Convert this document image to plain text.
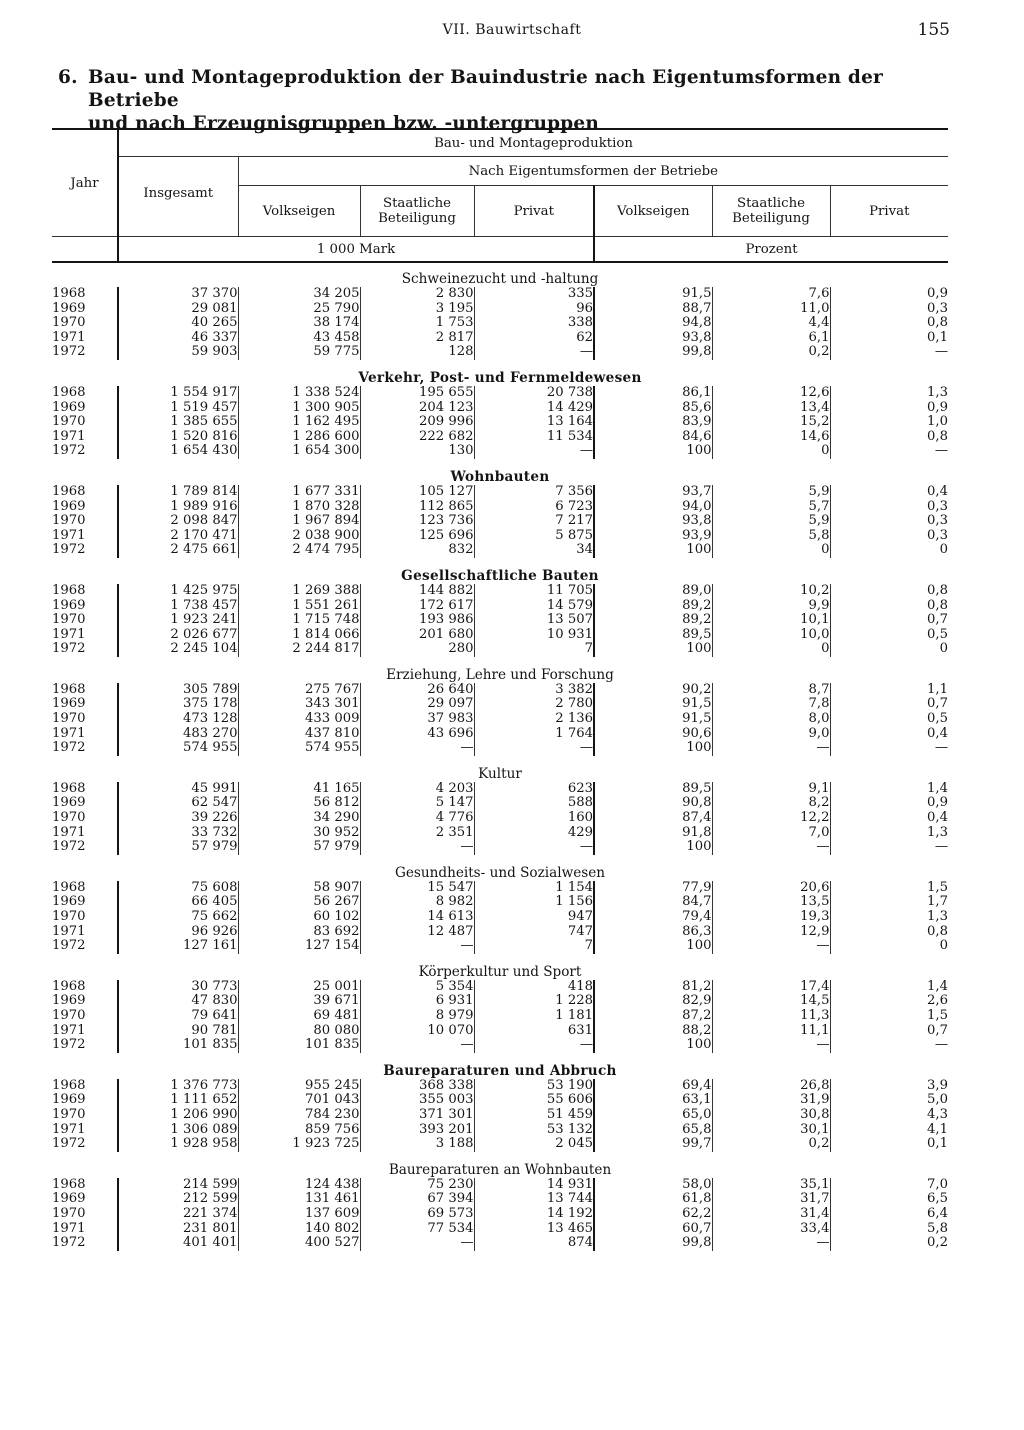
VII. Bauwirtschaft	155
6. Bau- und Montageproduktion der Bauindustrie nach Eigentumsformen der Betriebe
und nach Erzeugnisgruppen bzw. -untergruppen
Jahr	Bau- und Montageproduktion						
	Insgesamt	Nach Eigentumsformen der Betriebe					
		Volkseigen	Staatliche Beteiligung	Privat	Volkseigen	Staatliche Beteiligung	Privat
	1 000 Mark				Prozent		
Schweinezucht und -haltung							
1968	37 370	34 205	2 830	335	91,5	7,6	0,9
1969	29 081	25 790	3 195	96	88,7	11,0	0,3
1970	40 265	38 174	1 753	338	94,8	4,4	0,8
1971	46 337	43 458	2 817	62	93,8	6,1	0,1
1972	59 903	59 775	128	—	99,8	0,2	—
Verkehr, Post- und Fernmeldewesen							
1968	1 554 917	1 338 524	195 655	20 738	86,1	12,6	1,3
1969	1 519 457	1 300 905	204 123	14 429	85,6	13,4	0,9
1970	1 385 655	1 162 495	209 996	13 164	83,9	15,2	1,0
1971	1 520 816	1 286 600	222 682	11 534	84,6	14,6	0,8
1972	1 654 430	1 654 300	130	—	100	0	—
Wohnbauten							
1968	1 789 814	1 677 331	105 127	7 356	93,7	5,9	0,4
1969	1 989 916	1 870 328	112 865	6 723	94,0	5,7	0,3
1970	2 098 847	1 967 894	123 736	7 217	93,8	5,9	0,3
1971	2 170 471	2 038 900	125 696	5 875	93,9	5,8	0,3
1972	2 475 661	2 474 795	832	34	100	0	0
Gesellschaftliche Bauten							
1968	1 425 975	1 269 388	144 882	11 705	89,0	10,2	0,8
1969	1 738 457	1 551 261	172 617	14 579	89,2	9,9	0,8
1970	1 923 241	1 715 748	193 986	13 507	89,2	10,1	0,7
1971	2 026 677	1 814 066	201 680	10 931	89,5	10,0	0,5
1972	2 245 104	2 244 817	280	7	100	0	0
Erziehung, Lehre und Forschung							
1968	305 789	275 767	26 640	3 382	90,2	8,7	1,1
1969	375 178	343 301	29 097	2 780	91,5	7,8	0,7
1970	473 128	433 009	37 983	2 136	91,5	8,0	0,5
1971	483 270	437 810	43 696	1 764	90,6	9,0	0,4
1972	574 955	574 955	—	—	100	—	—
Kultur							
1968	45 991	41 165	4 203	623	89,5	9,1	1,4
1969	62 547	56 812	5 147	588	90,8	8,2	0,9
1970	39 226	34 290	4 776	160	87,4	12,2	0,4
1971	33 732	30 952	2 351	429	91,8	7,0	1,3
1972	57 979	57 979	—	—	100	—	—
Gesundheits- und Sozialwesen							
1968	75 608	58 907	15 547	1 154	77,9	20,6	1,5
1969	66 405	56 267	8 982	1 156	84,7	13,5	1,7
1970	75 662	60 102	14 613	947	79,4	19,3	1,3
1971	96 926	83 692	12 487	747	86,3	12,9	0,8
1972	127 161	127 154	—	7	100	—	0
Körperkultur und Sport							
1968	30 773	25 001	5 354	418	81,2	17,4	1,4
1969	47 830	39 671	6 931	1 228	82,9	14,5	2,6
1970	79 641	69 481	8 979	1 181	87,2	11,3	1,5
1971	90 781	80 080	10 070	631	88,2	11,1	0,7
1972	101 835	101 835	—	—	100	—	—
Baureparaturen und Abbruch							
1968	1 376 773	955 245	368 338	53 190	69,4	26,8	3,9
1969	1 111 652	701 043	355 003	55 606	63,1	31,9	5,0
1970	1 206 990	784 230	371 301	51 459	65,0	30,8	4,3
1971	1 306 089	859 756	393 201	53 132	65,8	30,1	4,1
1972	1 928 958	1 923 725	3 188	2 045	99,7	0,2	0,1
Baureparaturen an Wohnbauten							
1968	214 599	124 438	75 230	14 931	58,0	35,1	7,0
1969	212 599	131 461	67 394	13 744	61,8	31,7	6,5
1970	221 374	137 609	69 573	14 192	62,2	31,4	6,4
1971	231 801	140 802	77 534	13 465	60,7	33,4	5,8
1972	401 401	400 527	—	874	99,8	—	0,2
